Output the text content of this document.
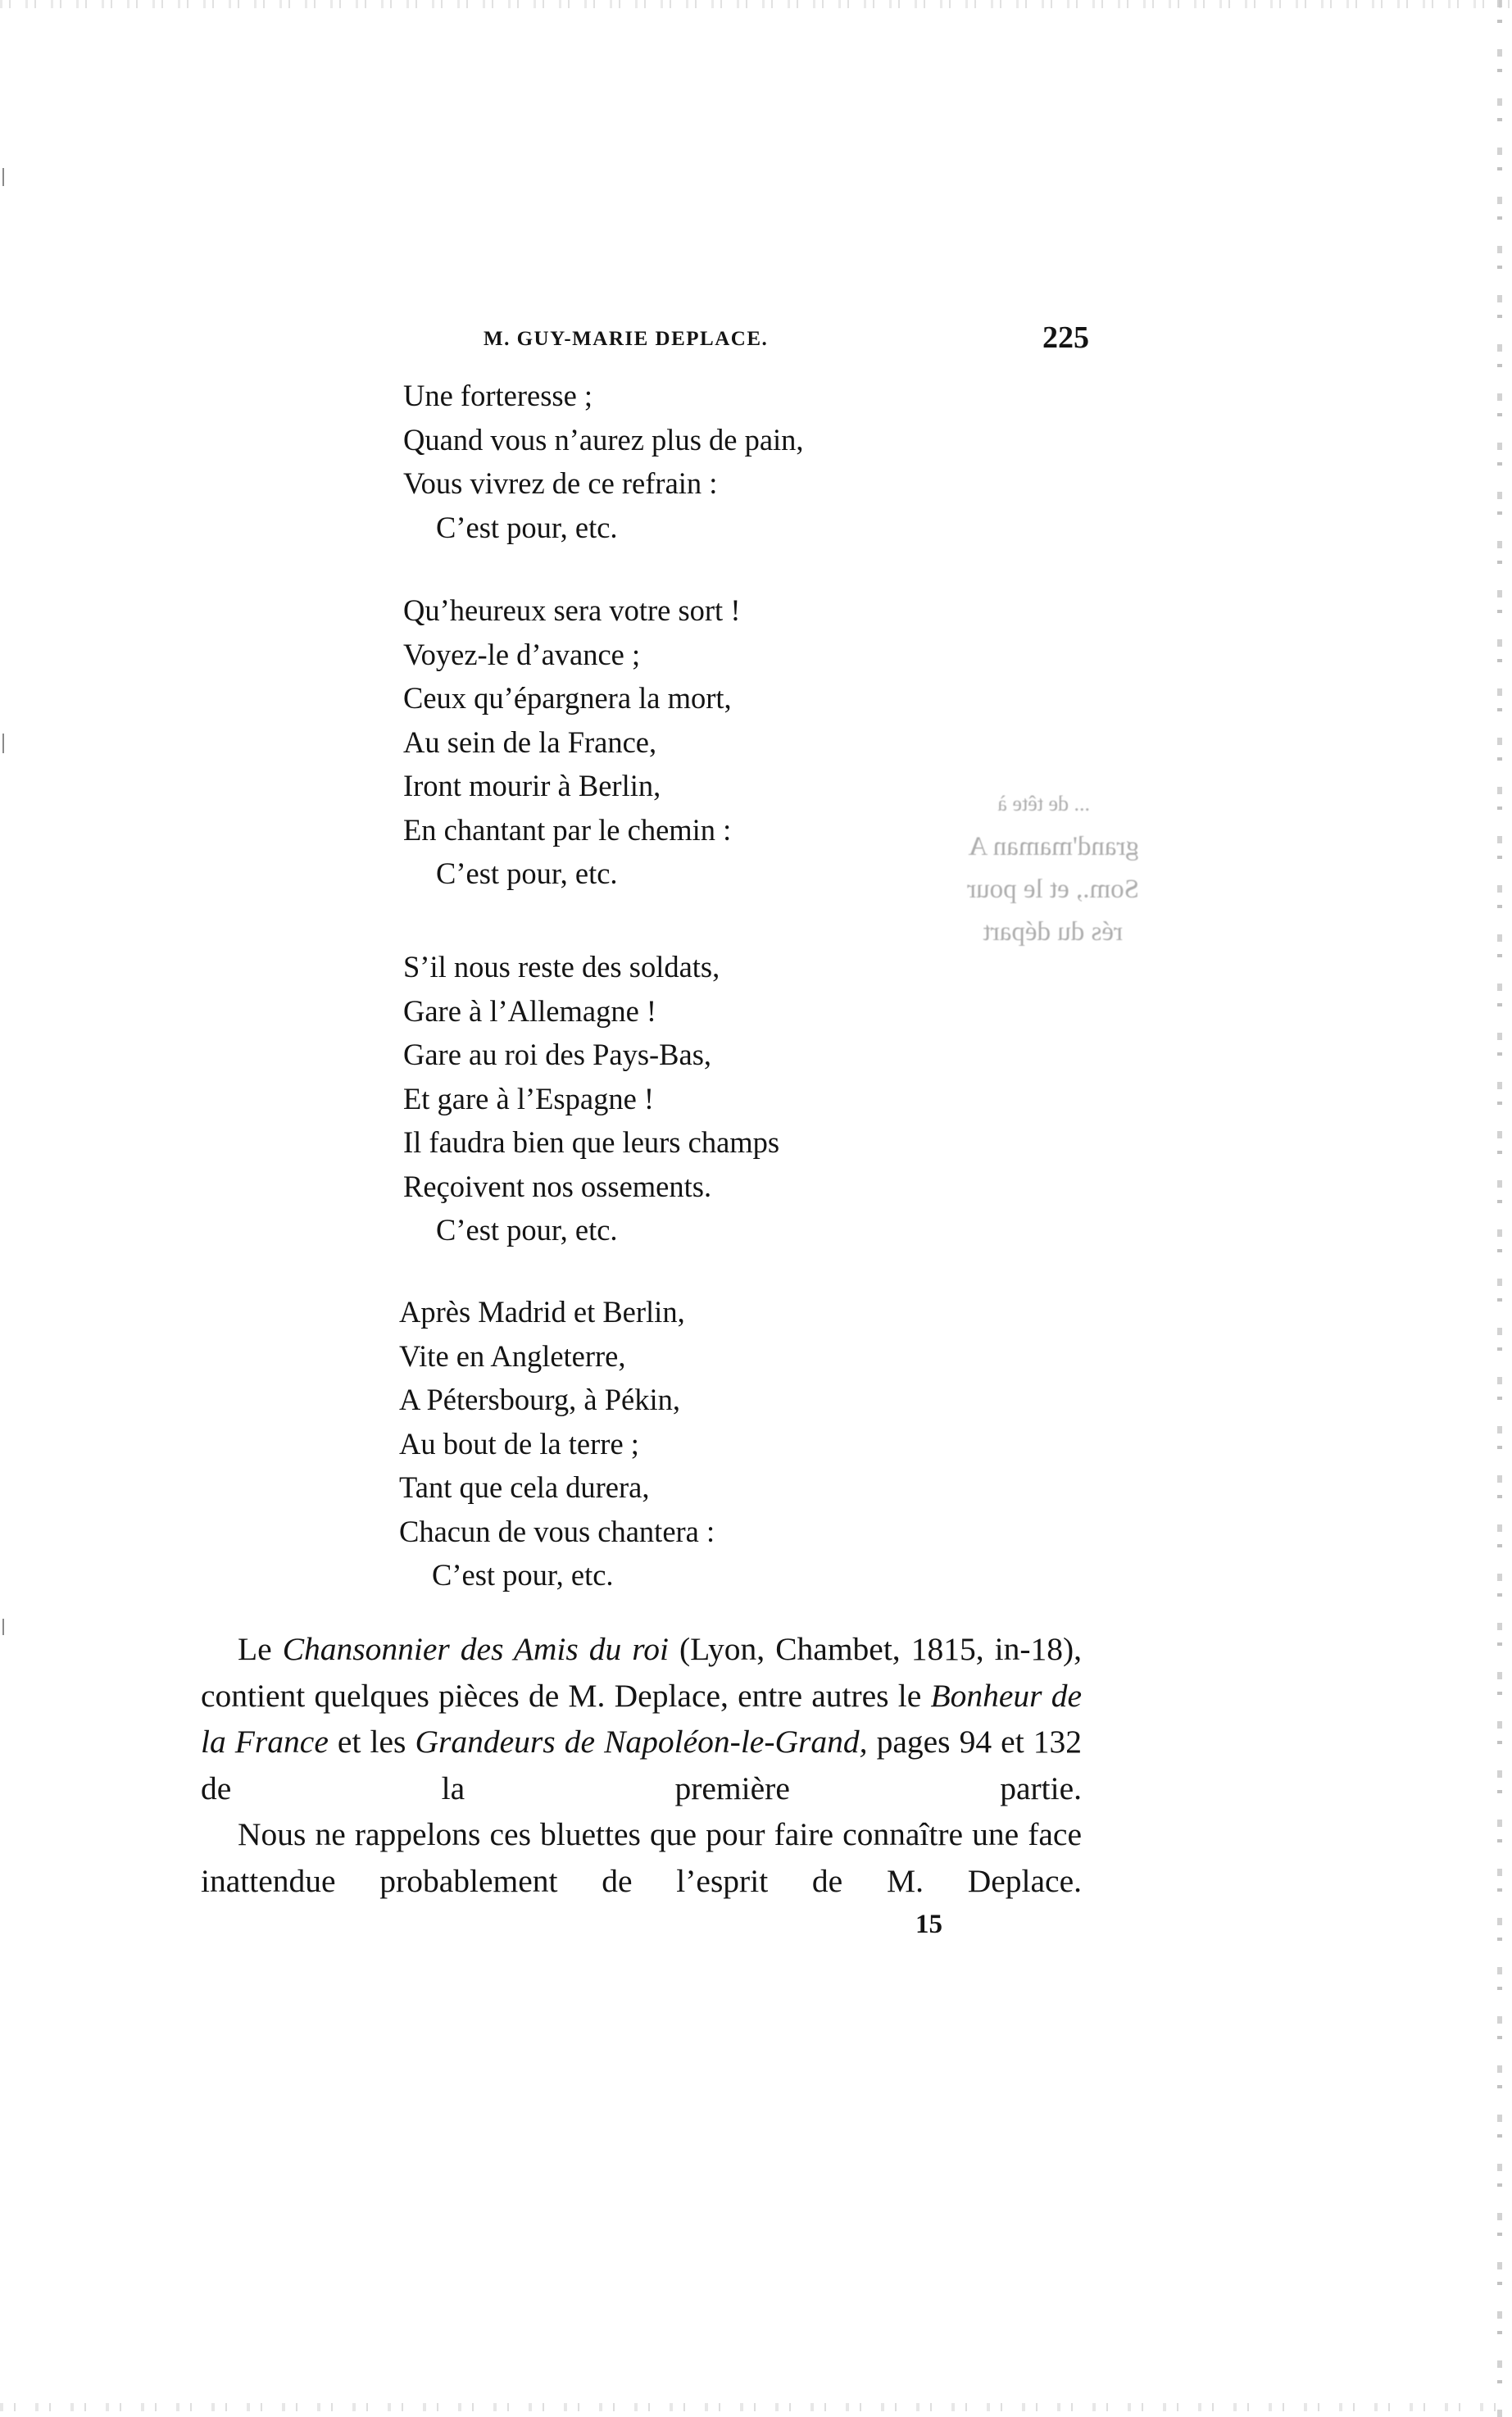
M. GUY-MARIE DEPLACE.	225
Une forteresse ;
Quand vous n’aurez plus de pain,
Vous vivrez de ce refrain :
C’est pour, etc.
Qu’heureux sera votre sort !
Voyez-le d’avance ;
Ceux qu’épargnera la mort,
Au sein de la France,
Iront mourir à Berlin,
En chantant par le chemin :
C’est pour, etc.
S’il nous reste des soldats,
Gare à l’Allemagne !
Gare au roi des Pays-Bas,
Et gare à l’Espagne !
Il faudra bien que leurs champs
Reçoivent nos ossements.
C’est pour, etc.
Après Madrid et Berlin,
Vite en Angleterre,
A Pétersbourg, à Pékin,
Au bout de la terre ;
Tant que cela durera,
Chacun de vous chantera :
C’est pour, etc.
... de tête à
grand'maman A
Som., et le pour
rés du départ

Le Chansonnier des Amis du roi (Lyon, Chambet, 1815, in-18), contient quelques pièces de M. Deplace, entre autres le Bonheur de la France et les Grandeurs de Napoléon-le-Grand, pages 94 et 132 de la première partie.

Nous ne rappelons ces bluettes que pour faire connaître une face inattendue probablement de l’esprit de M. Deplace.

15
